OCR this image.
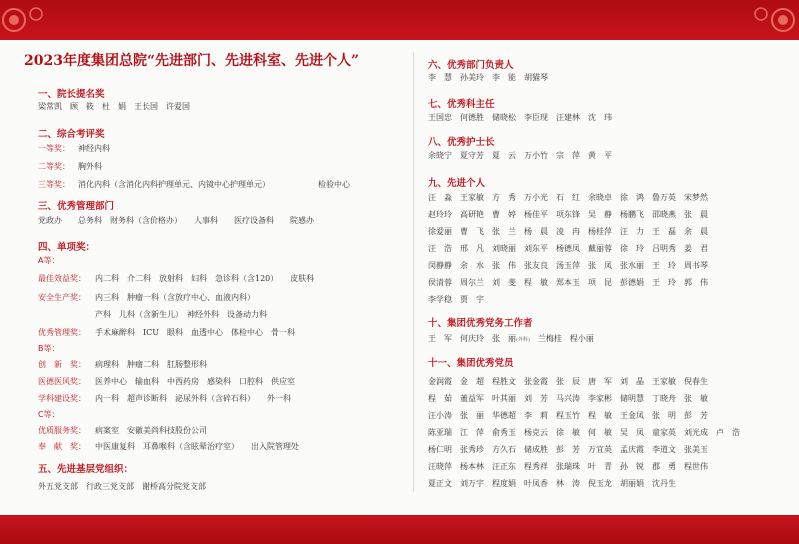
2023年度集团总院“先进部门、先进科室、先进个人”
一、院长提名奖
梁常凯　顾　筱　杜　娟　王长国　许爱国
二、综合考评奖
一等奖： 神经内科
二等奖： 胸外科
三等奖： 消化内科（含消化内科护理单元、内镜中心护理单元）	检验中心
三、优秀管理部门
党政办　　总务科　财务科（含价格办）　　人事科　　医疗设备科　　院感办
四、单项奖：
A等：
最佳效益奖： 内二科　介二科　放射科　妇科　急诊科（含120）　　皮肤科
安全生产奖： 内三科　肿瘤一科（含放疗中心、血液内科）
产科　儿科（含新生儿）　神经外科　设备动力科
优秀管理奖： 手术麻醉科　ICU　眼科　血透中心　体检中心　骨一科
B等：
创　新　奖： 病理科　肿瘤二科　肛肠整形科
医德医风奖： 医养中心　输血科　中西药房　感染科　口腔科　供应室
学科建设奖： 内一科　超声诊断科　泌尿外科（含碎石科）　　外一科
C等：
优质服务奖： 病案室　安徽美尚科技股份公司
奉　献　奖： 中医康复科　耳鼻喉科（含眩晕治疗室）　　出入院管理处
五、先进基层党组织：
外五党支部　行政三党支部　谢桥高分院党支部
六、优秀部门负责人
李　慧　孙美玲　李　能　胡猫琴
七、优秀科主任
王国忠　何德胜　储晓松　李臣现　汪建林　沈　玮
八、优秀护士长
余晓宁　夏守芳　夏　云　万小竹　宗　萍　黄　平
九、先进个人
汪　淼　王家敏　方　秀　万小光　石　红　余晓卓　徐　鸿　鲁万英　宋梦然
赵玲玲　高研艳　曹　婷　杨佳平　项东锋　吴　静　杨鹏飞　邵晓燕　张　晨
徐爱丽　曹　飞　张　兰　杨　晨　凌　冉　杨桂萍　汪　力　王　磊　余　晨
汪　浩　邢　凡　刘晓丽　刘东平　杨德凤　戴丽蓉　徐　玲　吕明秀　姜　君
闵静静　余　水　张　伟　张友良　汤玉萍　张　凤　张水丽　王　玲　周书琴
侯清蓉　周尔兰　刘　斐　程　敏　郑本玉　项　昆　彭德娟　王　玲　郭　伟
李学稳　贾　宇
十、集团优秀党务工作者
王　军　何庆玲　张　丽(外科)　 兰梅桂　程小丽
十一、集团优秀党员
金润霞　金　超　程胜文　张金霞　张　辰　唐　军　刘　晶　王家敏　倪春生
程　茹　董益军　叶其丽　刘　芳　马兴涛　李家彬　储明慧　丁晓舟　张　敏
汪小涛　张　丽　华德超　李　莉　程玉竹　程　敏　王金凤　张　明　彭　芳
陈亚瑞　江　萍　俞秀玉　杨克云　徐　敏　何　敏　吴　凤　童家英　刘光成　卢　浩
杨仁明　张秀珍　方久石　储成胜　彭　芳　万宜英　孟庆霞　李道文　张美玉
汪晓萍　杨本林　汪正东　程秀祥　张瑞珠　叶　青　孙　锐　郡　勇　程世伟
夏正文　刘万宇　程度娟　叶凤香　林　涛　倪玉龙　胡丽娟　沈丹生
